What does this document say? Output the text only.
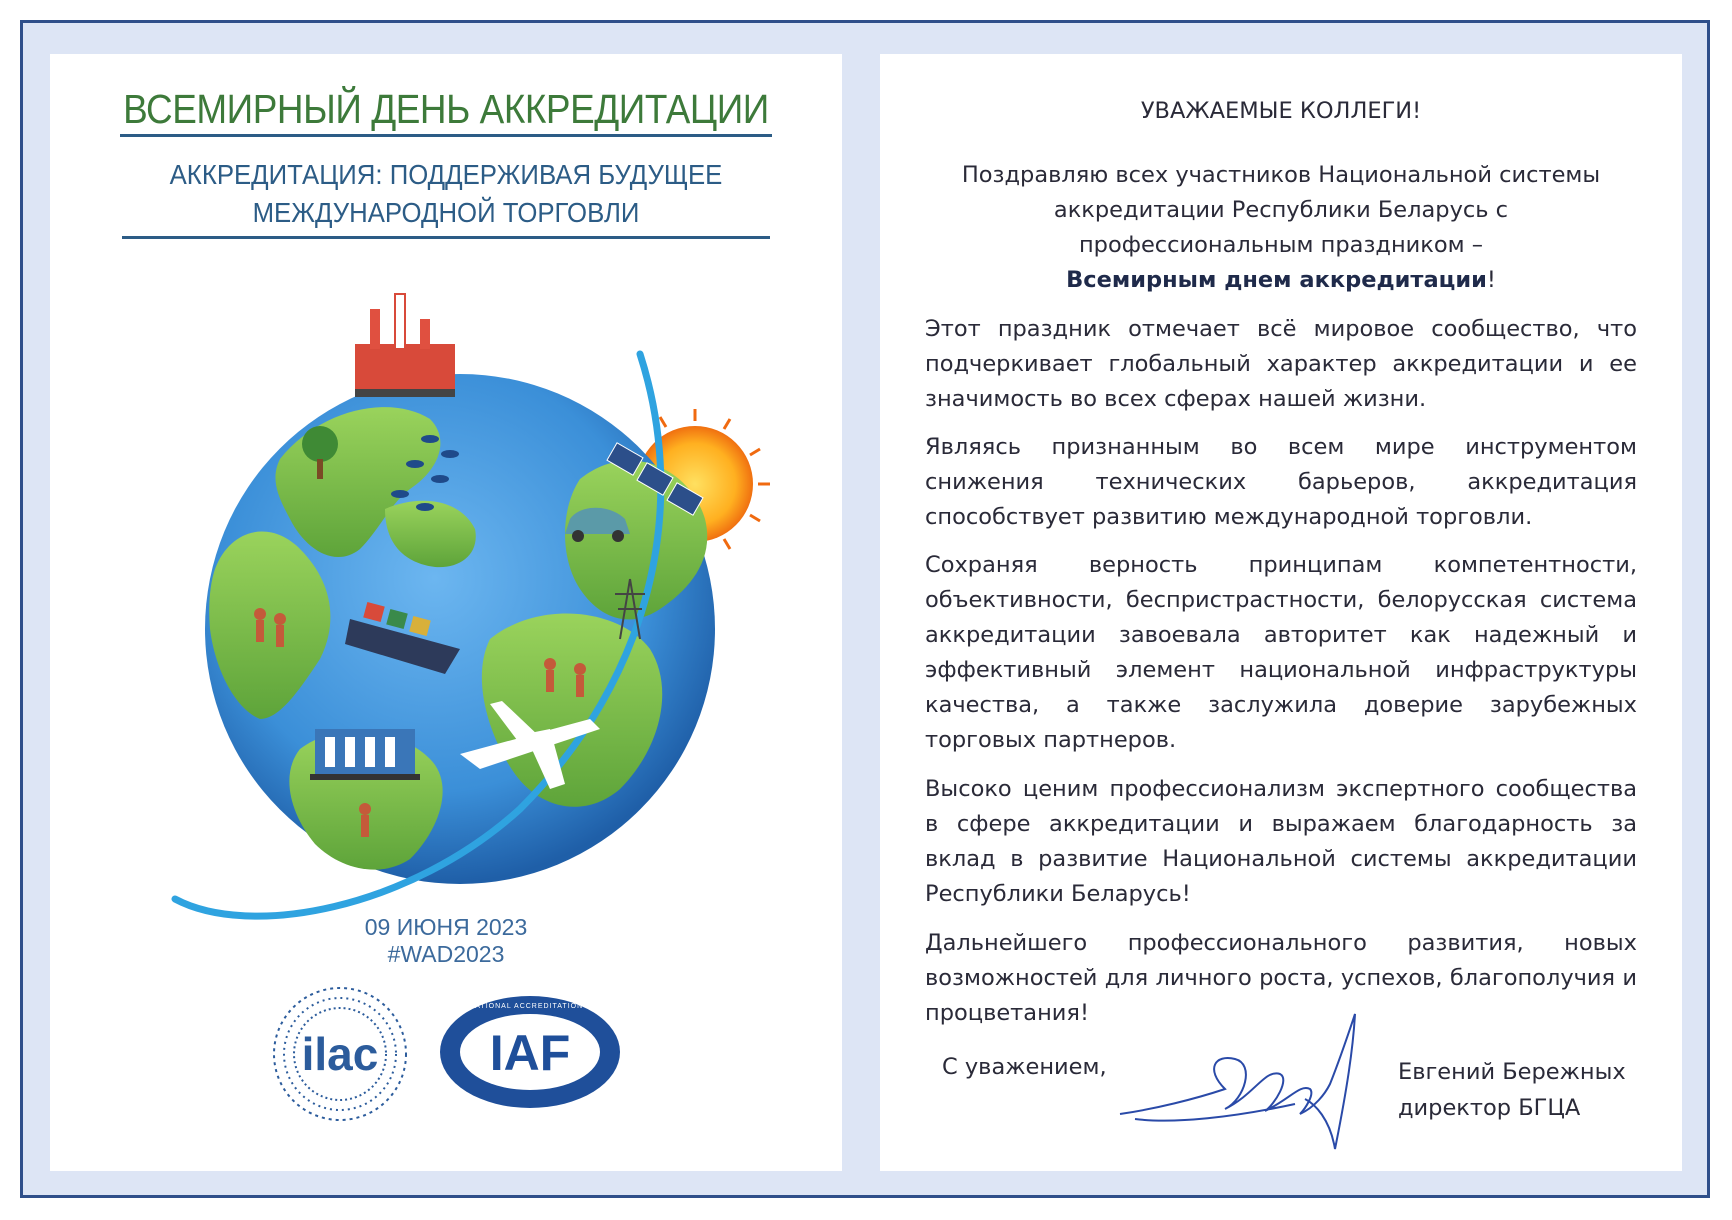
ВСЕМИРНЫЙ ДЕНЬ АККРЕДИТАЦИИ
АККРЕДИТАЦИЯ: ПОДДЕРЖИВАЯ БУДУЩЕЕ
МЕЖДУНАРОДНОЙ ТОРГОВЛИ
09 ИЮНЯ 2023
#WAD2023
ilac IAF
INTERNATIONAL ACCREDITATION FORUM
УВАЖАЕМЫЕ КОЛЛЕГИ!
Поздравляю всех участников Национальной системы
аккредитации Республики Беларусь с
профессиональным праздником –
Всемирным днем аккредитации!
Этот праздник отмечает всё мировое сообщество, что подчеркивает глобальный характер аккредитации и ее значимость во всех сферах нашей жизни.
Являясь признанным во всем мире инструментом снижения технических барьеров, аккредитация способствует развитию международной торговли.
Сохраняя верность принципам компетентности, объективности, беспристрастности, белорусская система аккредитации завоевала авторитет как надежный и эффективный элемент национальной инфраструктуры качества, а также заслужила доверие зарубежных торговых партнеров.
Высоко ценим профессионализм экспертного сообщества в сфере аккредитации и выражаем благодарность за вклад в развитие Национальной системы аккредитации Республики Беларусь!
Дальнейшего профессионального развития, новых возможностей для личного роста, успехов, благополучия и процветания!
С уважением,	Евгений Бережных
директор БГЦА
